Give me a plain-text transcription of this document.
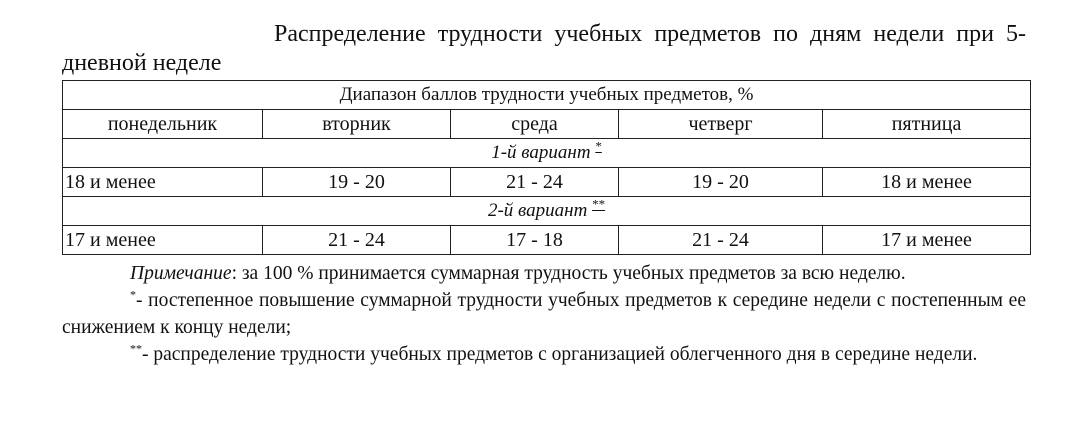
Распределение трудности учебных предметов по дням недели при 5-дневной неделе
Диапазон баллов трудности учебных предметов, %				
понедельник	вторник	среда	четверг	пятница
1-й вариант *
18 и менее	19 - 20	21 - 24	19 - 20	18 и менее
2-й вариант **
17 и менее	21 - 24	17 - 18	21 - 24	17 и менее

Примечание: за 100 % принимается суммарная трудность учебных предметов за всю неделю.

*- постепенное повышение суммарной трудности учебных предметов к середине недели с постепенным ее снижением к концу недели;

**- распределение трудности учебных предметов с организацией облегченного дня в середине недели.
